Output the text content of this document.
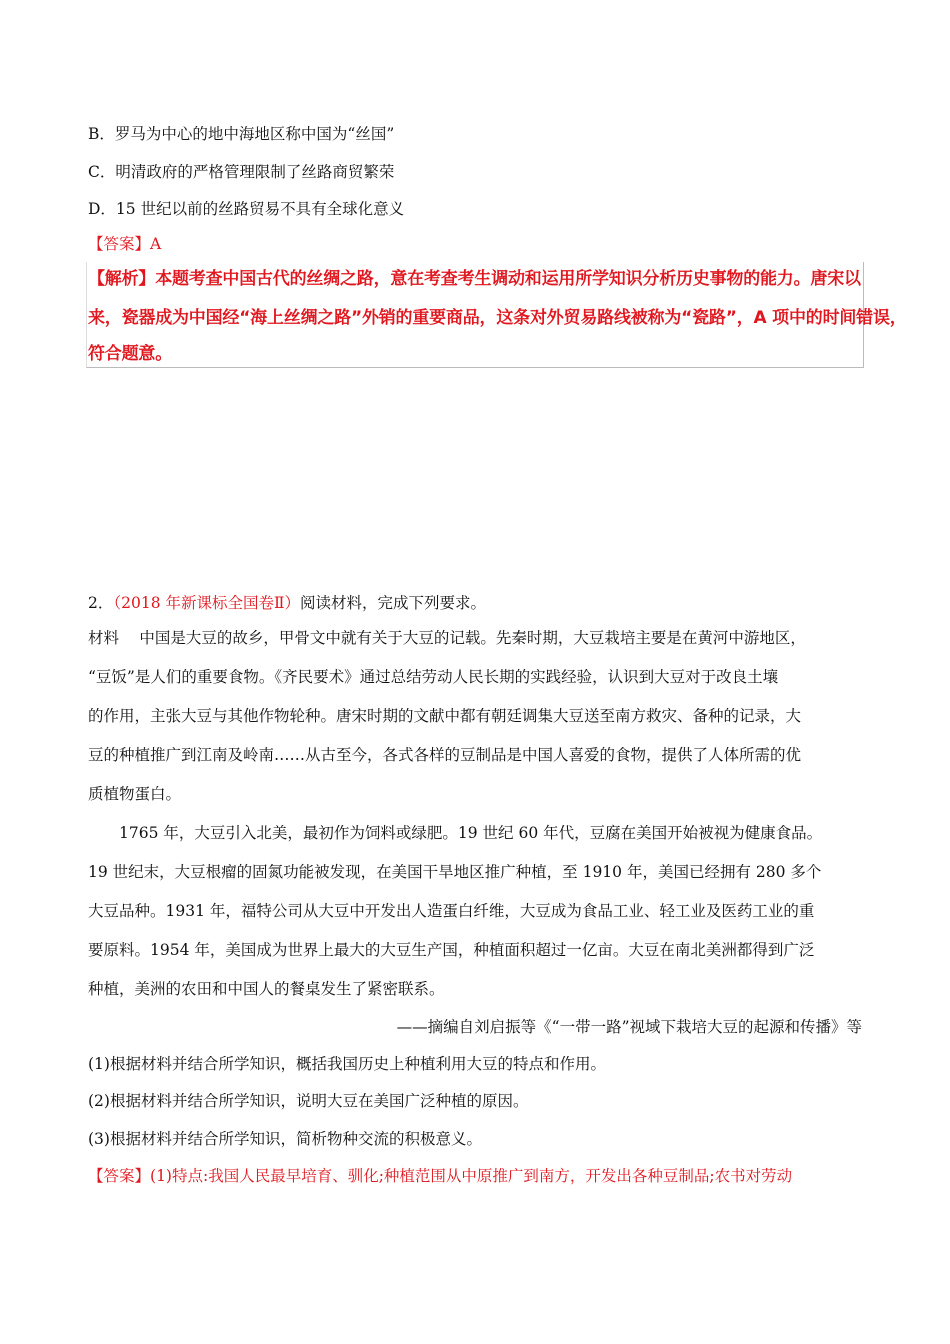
B．罗马为中心的地中海地区称中国为“丝国”
C．明清政府的严格管理限制了丝路商贸繁荣
D．15 世纪以前的丝路贸易不具有全球化意义
【答案】A
【解析】本题考查中国古代的丝绸之路，意在考查考生调动和运用所学知识分析历史事物的能力。唐宋以
来，瓷器成为中国经“海上丝绸之路”外销的重要商品，这条对外贸易路线被称为“瓷路”，A 项中的时间错误，
符合题意。
2．（2018 年新课标全国卷Ⅱ）阅读材料，完成下列要求。
材料　 中国是大豆的故乡，甲骨文中就有关于大豆的记载。先秦时期，大豆栽培主要是在黄河中游地区，
“豆饭”是人们的重要食物。《齐民要术》通过总结劳动人民长期的实践经验，认识到大豆对于改良土壤
的作用，主张大豆与其他作物轮种。唐宋时期的文献中都有朝廷调集大豆送至南方救灾、备种的记录，大
豆的种植推广到江南及岭南……从古至今，各式各样的豆制品是中国人喜爱的食物，提供了人体所需的优
质植物蛋白。
　　1765 年，大豆引入北美，最初作为饲料或绿肥。19 世纪 60 年代，豆腐在美国开始被视为健康食品。
19 世纪末，大豆根瘤的固氮功能被发现，在美国干旱地区推广种植，至 1910 年，美国已经拥有 280 多个
大豆品种。1931 年，福特公司从大豆中开发出人造蛋白纤维，大豆成为食品工业、轻工业及医药工业的重
要原料。1954 年，美国成为世界上最大的大豆生产国，种植面积超过一亿亩。大豆在南北美洲都得到广泛
种植，美洲的农田和中国人的餐桌发生了紧密联系。
——摘编自刘启振等《“一带一路”视域下栽培大豆的起源和传播》等
(1)根据材料并结合所学知识，概括我国历史上种植利用大豆的特点和作用。
(2)根据材料并结合所学知识，说明大豆在美国广泛种植的原因。
(3)根据材料并结合所学知识，简析物种交流的积极意义。
【答案】(1)特点:我国人民最早培育、驯化;种植范围从中原推广到南方，开发出各种豆制品;农书对劳动
